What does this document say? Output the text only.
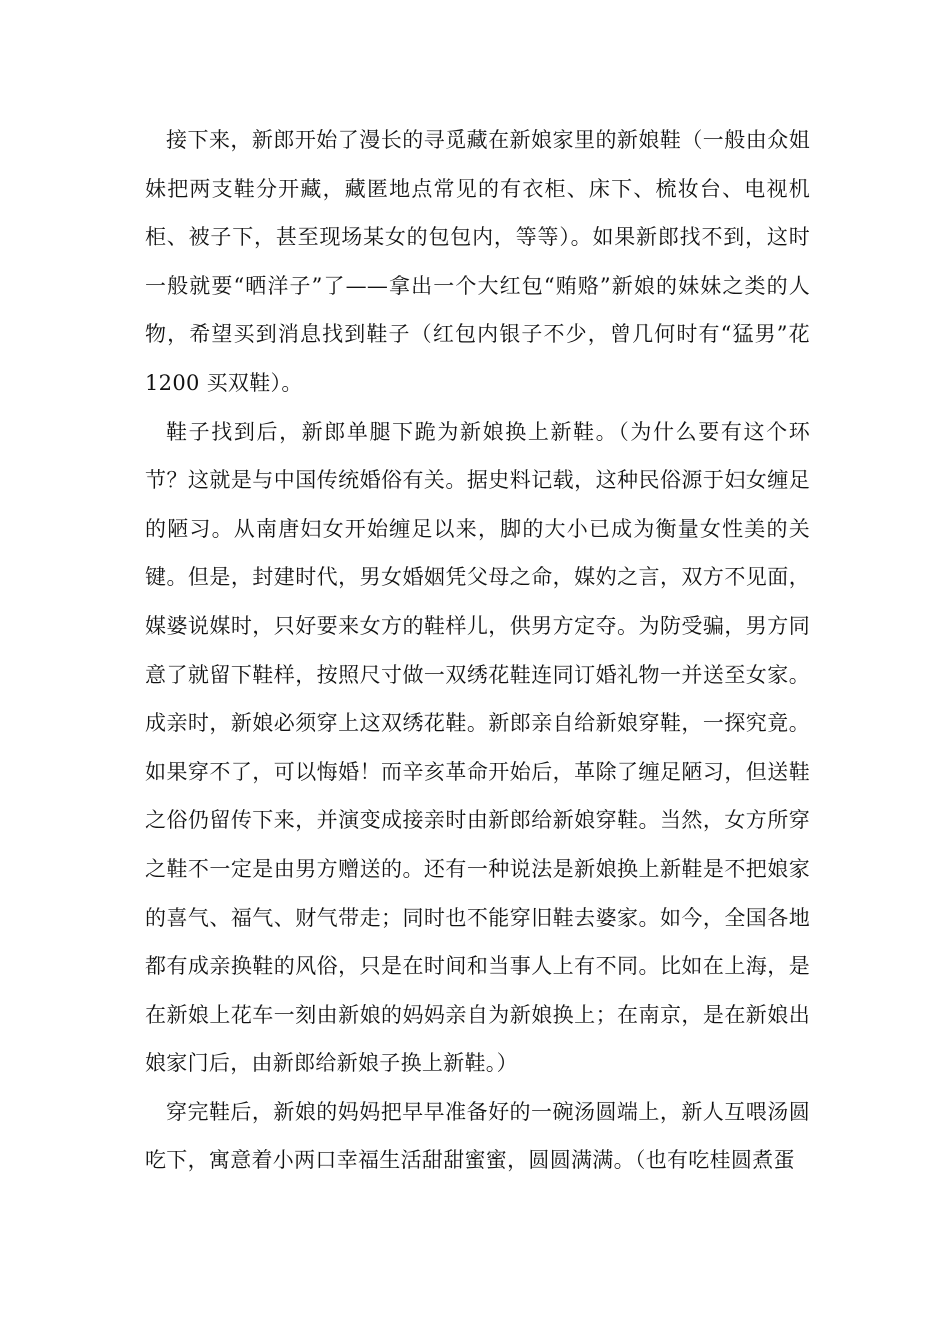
接下来，新郎开始了漫长的寻觅藏在新娘家里的新娘鞋（一般由众姐妹把两支鞋分开藏，藏匿地点常见的有衣柜、床下、梳妆台、电视机柜、被子下，甚至现场某女的包包内，等等）。如果新郎找不到，这时一般就要“晒洋子”了——拿出一个大红包“贿赂”新娘的妹妹之类的人物，希望买到消息找到鞋子（红包内银子不少，曾几何时有“猛男”花 1200 买双鞋）。

鞋子找到后，新郎单腿下跪为新娘换上新鞋。（为什么要有这个环节？这就是与中国传统婚俗有关。据史料记载，这种民俗源于妇女缠足的陋习。从南唐妇女开始缠足以来，脚的大小已成为衡量女性美的关键。但是，封建时代，男女婚姻凭父母之命，媒妁之言，双方不见面，媒婆说媒时，只好要来女方的鞋样儿，供男方定夺。为防受骗，男方同意了就留下鞋样，按照尺寸做一双绣花鞋连同订婚礼物一并送至女家。成亲时，新娘必须穿上这双绣花鞋。新郎亲自给新娘穿鞋，一探究竟。如果穿不了，可以悔婚！而辛亥革命开始后，革除了缠足陋习，但送鞋之俗仍留传下来，并演变成接亲时由新郎给新娘穿鞋。当然，女方所穿之鞋不一定是由男方赠送的。还有一种说法是新娘换上新鞋是不把娘家的喜气、福气、财气带走；同时也不能穿旧鞋去婆家。如今，全国各地都有成亲换鞋的风俗，只是在时间和当事人上有不同。比如在上海，是在新娘上花车一刻由新娘的妈妈亲自为新娘换上；在南京，是在新娘出娘家门后，由新郎给新娘子换上新鞋。）

穿完鞋后，新娘的妈妈把早早准备好的一碗汤圆端上，新人互喂汤圆吃下，寓意着小两口幸福生活甜甜蜜蜜，圆圆满满。（也有吃桂圆煮蛋
